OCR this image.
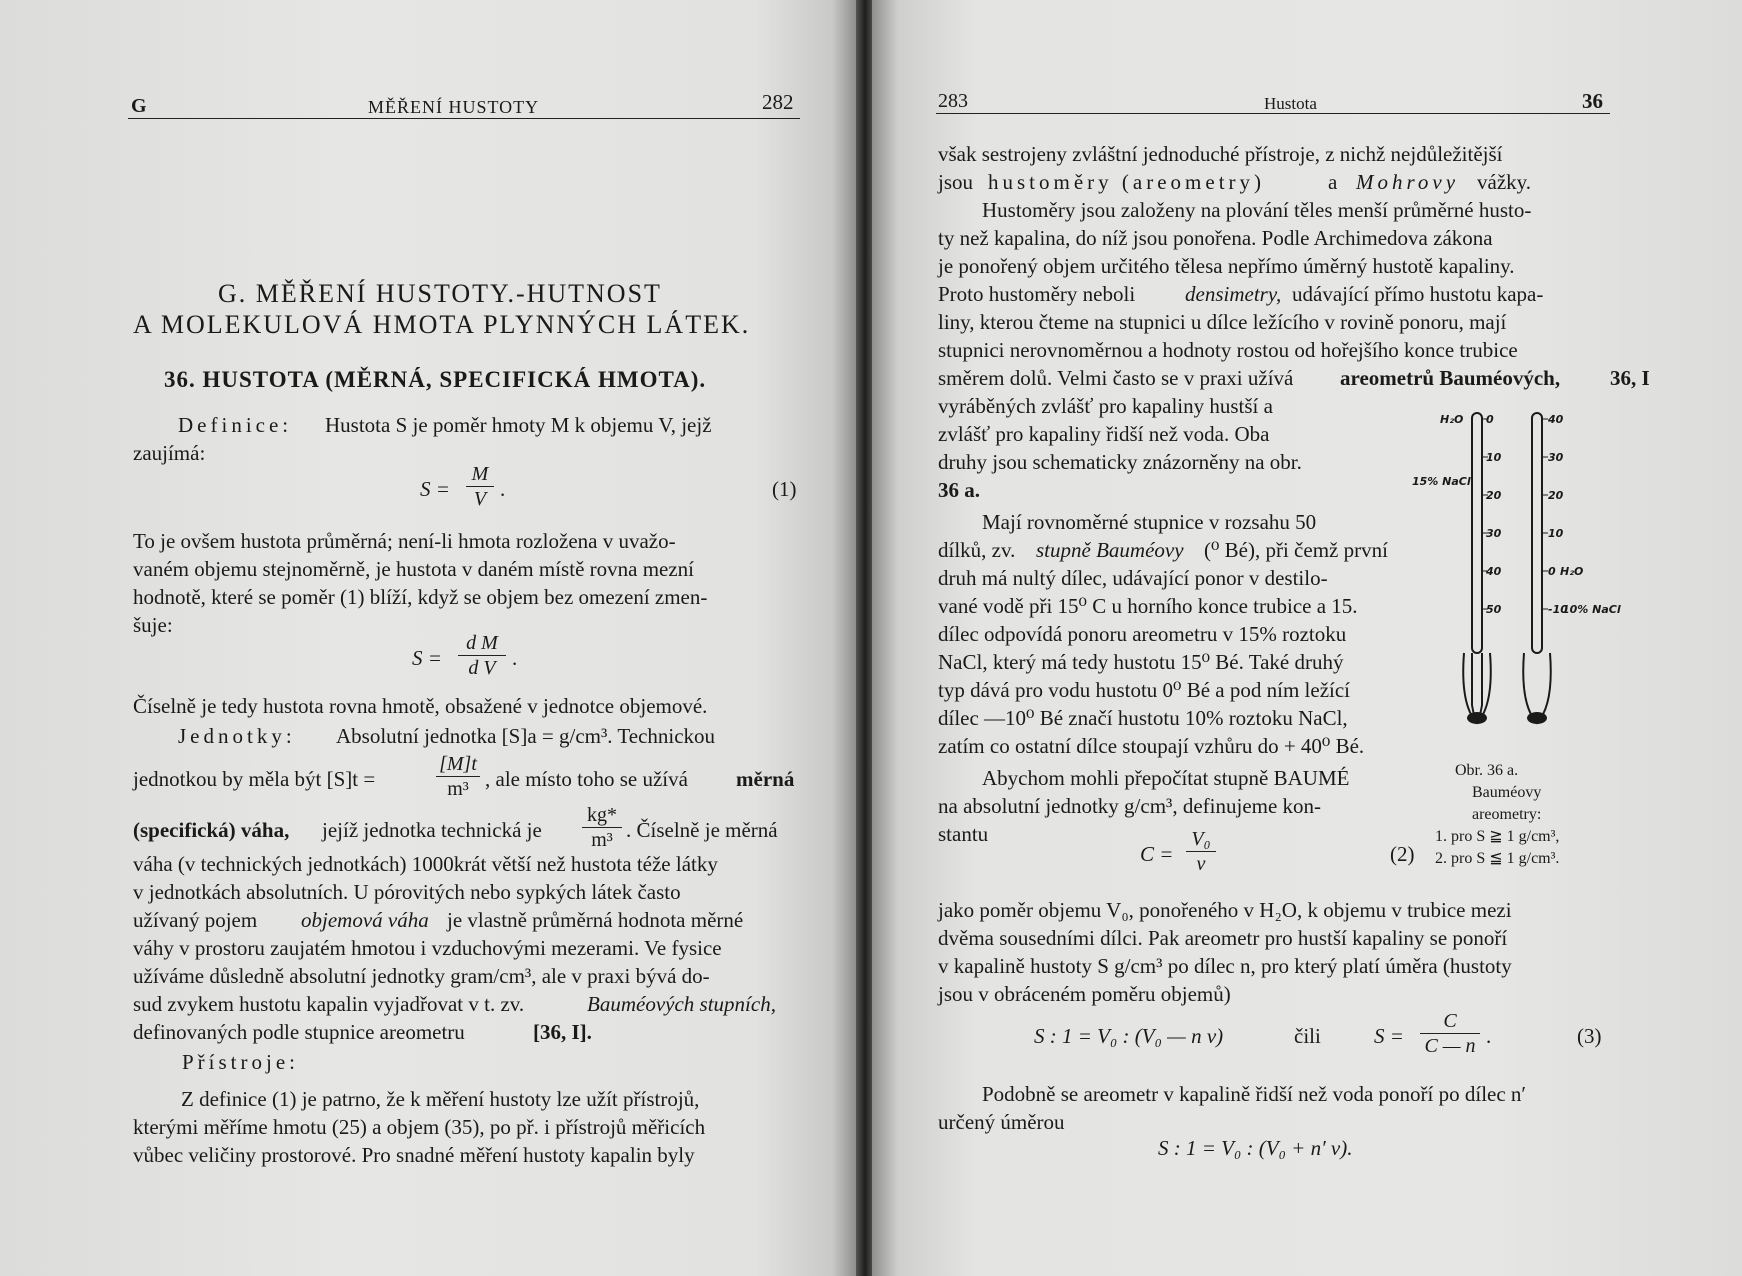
G	MĚŘENÍ HUSTOTY	282
G. MĚŘENÍ HUSTOTY.-HUTNOST
A MOLEKULOVÁ HMOTA PLYNNÝCH LÁTEK.
36. HUSTOTA (MĚRNÁ, SPECIFICKÁ HMOTA).
Definice: Hustota S je poměr hmoty M k objemu V, jejž
zaujímá:
$S = \frac{M}{V}$ .	(1)
To je ovšem hustota průměrná; není-li hmota rozložena v uvažo-
vaném objemu stejnoměrně, je hustota v daném místě rovna mezní
hodnotě, které se poměr (1) blíží, když se objem bez omezení zmen-
šuje:
$S = \frac{\text{d M}}{\text{d V}}$ .
Číselně je tedy hustota rovna hmotě, obsažené v jednotce objemové.
Jednotky: Absolutní jednotka [S]a = g/cm³. Technickou
jednotkou by měla být [S]t =	$\frac{[M]t}{\text{m³}}$ , ale místo toho se užívá měrná
(specifická) váha, jejíž jednotka technická je $\frac{kg*}{\text{m³}}$ . Číselně je měrná
váha (v technických jednotkách) 1000krát větší než hustota téže látky
v jednotkách absolutních. U pórovitých nebo sypkých látek často
užívaný pojem objemová váha je vlastně průměrná hodnota měrné
váhy v prostoru zaujatém hmotou i vzduchovými mezerami. Ve fysice
užíváme důsledně absolutní jednotky gram/cm³, ale v praxi bývá do-
sud zvykem hustotu kapalin vyjadřovat v t. zv.	Bauméových stupních,
definovaných podle stupnice areometru	[36, I].
Přístroje:
Z definice (1) je patrno, že k měření hustoty lze užít přístrojů,
kterými měříme hmotu (25) a objem (35), po př. i přístrojů měřicích
vůbec veličiny prostorové. Pro snadné měření hustoty kapalin byly
283	Hustota	36
však sestrojeny zvláštní jednoduché přístroje, z nichž nejdůležitější
jsou hustoměry (areometry)	a Mohrovy vážky.
Hustoměry jsou založeny na plování těles menší průměrné husto-
ty než kapalina, do níž jsou ponořena. Podle Archimedova zákona
je ponořený objem určitého tělesa nepřímo úměrný hustotě kapaliny.
Proto hustoměry neboli densimetry, udávající přímo hustotu kapa-
liny, kterou čteme na stupnici u dílce ležícího v rovině ponoru, mají
stupnici nerovnoměrnou a hodnoty rostou od hořejšího konce trubice
směrem dolů. Velmi často se v praxi užívá areometrů Bauméových, 36, I
vyráběných zvlášť pro kapaliny hustší a
zvlášť pro kapaliny řidší než voda. Oba
druhy jsou schematicky znázorněny na obr.
36 a.
Mají rovnoměrné stupnice v rozsahu 50
dílků, zv. stupně Bauméovy (⁰ Bé), při čemž první
druh má nultý dílec, udávající ponor v destilo-
vané vodě při 15⁰ C u horního konce trubice a 15.
dílec odpovídá ponoru areometru v 15% roztoku
NaCl, který má tedy hustotu 15⁰ Bé. Také druhý
typ dává pro vodu hustotu 0⁰ Bé a pod ním ležící
dílec —10⁰ Bé značí hustotu 10% roztoku NaCl,
zatím co ostatní dílce stoupají vzhůru do + 40⁰ Bé.
Abychom mohli přepočítat stupně BAUMÉ
na absolutní jednotky g/cm³, definujeme kon-
stantu
$C = \frac{\text{V₀}}{v}$	(2)
jako poměr objemu V₀, ponořeného v H₂O, k objemu v trubice mezi
dvěma sousedními dílci. Pak areometr pro hustší kapaliny se ponoří
v kapalině hustoty S g/cm³ po dílec n, pro který platí úměra (hustoty
jsou v obráceném poměru objemů)
S : 1 = V₀ : (V₀ — n v)	čili	$S = \frac{C}{C — n}$ .	(3)
Podobně se areometr v kapalině řidší než voda ponoří po dílec n′
určený úměrou
S : 1 = V₀ : (V₀ + n′ v).
0
10
20
30
40
50
40
30
20
10
0
-10
H₂O
15% NaCl
H₂O
10% NaCl
Obr. 36 a.
Bauméovy
areometry:
1. pro S ≧ 1 g/cm³,
2. pro S ≦ 1 g/cm³.
